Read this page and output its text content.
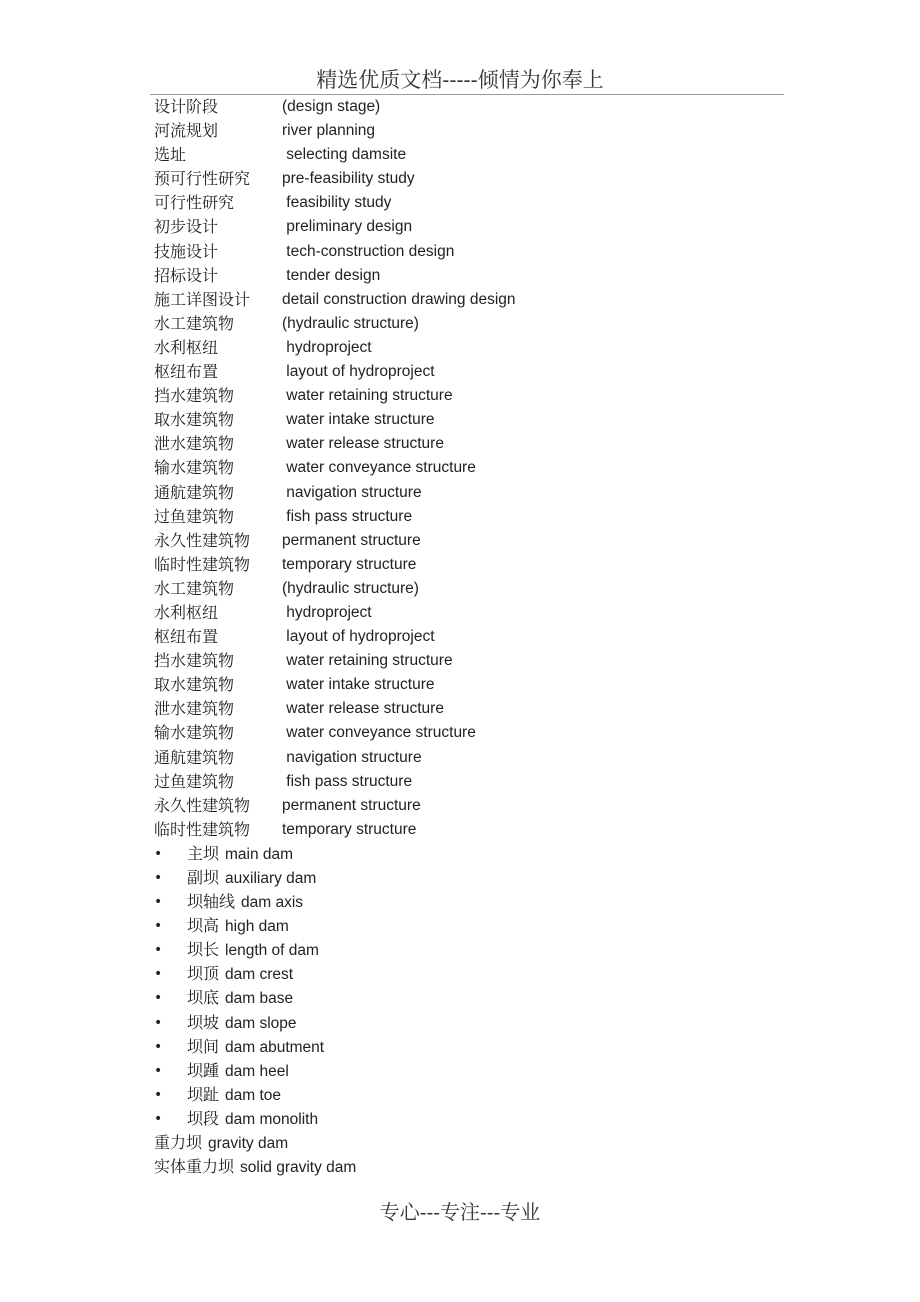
精选优质文档-----倾情为你奉上
设计阶段	(design stage)
河流规划	river planning
选址	selecting damsite
预可行性研究 pre-feasibility study
可行性研究	feasibility study
初步设计	preliminary design
技施设计	tech-construction design
招标设计	tender design
施工详图设计 detail construction drawing design
水工建筑物	(hydraulic structure)
水利枢纽	hydroproject
枢纽布置	layout of hydroproject
挡水建筑物	water retaining structure
取水建筑物	water intake structure
泄水建筑物	water release structure
输水建筑物	water conveyance structure
通航建筑物	navigation structure
过鱼建筑物	fish pass structure
永久性建筑物 permanent structure
临时性建筑物 temporary structure
水工建筑物	(hydraulic structure)
水利枢纽	hydroproject
枢纽布置	layout of hydroproject
挡水建筑物	water retaining structure
取水建筑物	water intake structure
泄水建筑物	water release structure
输水建筑物	water conveyance structure
通航建筑物	navigation structure
过鱼建筑物	fish pass structure
永久性建筑物 permanent structure
临时性建筑物 temporary structure
• 主坝 main dam
• 副坝 auxiliary dam
• 坝轴线 dam axis
• 坝高 high dam
• 坝长 length of dam
• 坝顶 dam crest
• 坝底 dam base
• 坝坡 dam slope
• 坝间 dam abutment
• 坝踵 dam heel
• 坝趾 dam toe
• 坝段 dam monolith
重力坝 gravity dam
实体重力坝 solid gravity dam
专心---专注---专业
